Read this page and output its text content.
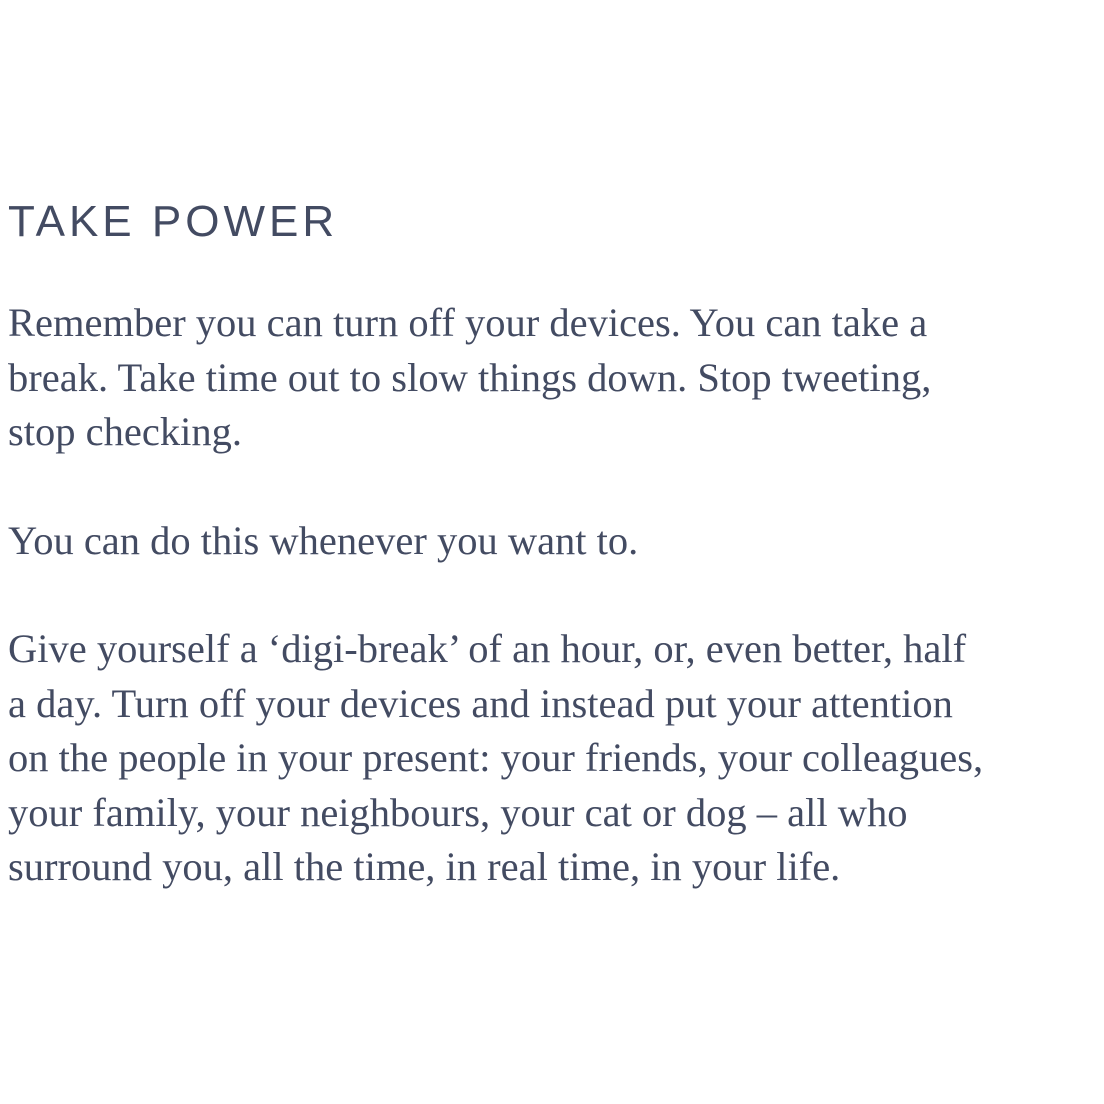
TAKE POWER

Remember you can turn off your devices. You can take a
break. Take time out to slow things down. Stop tweeting,
stop checking.

You can do this whenever you want to.

Give yourself a ‘digi-break’ of an hour, or, even better, half
a day. Turn off your devices and instead put your attention
on the people in your present: your friends, your colleagues,
your family, your neighbours, your cat or dog – all who
surround you, all the time, in real time, in your life.
